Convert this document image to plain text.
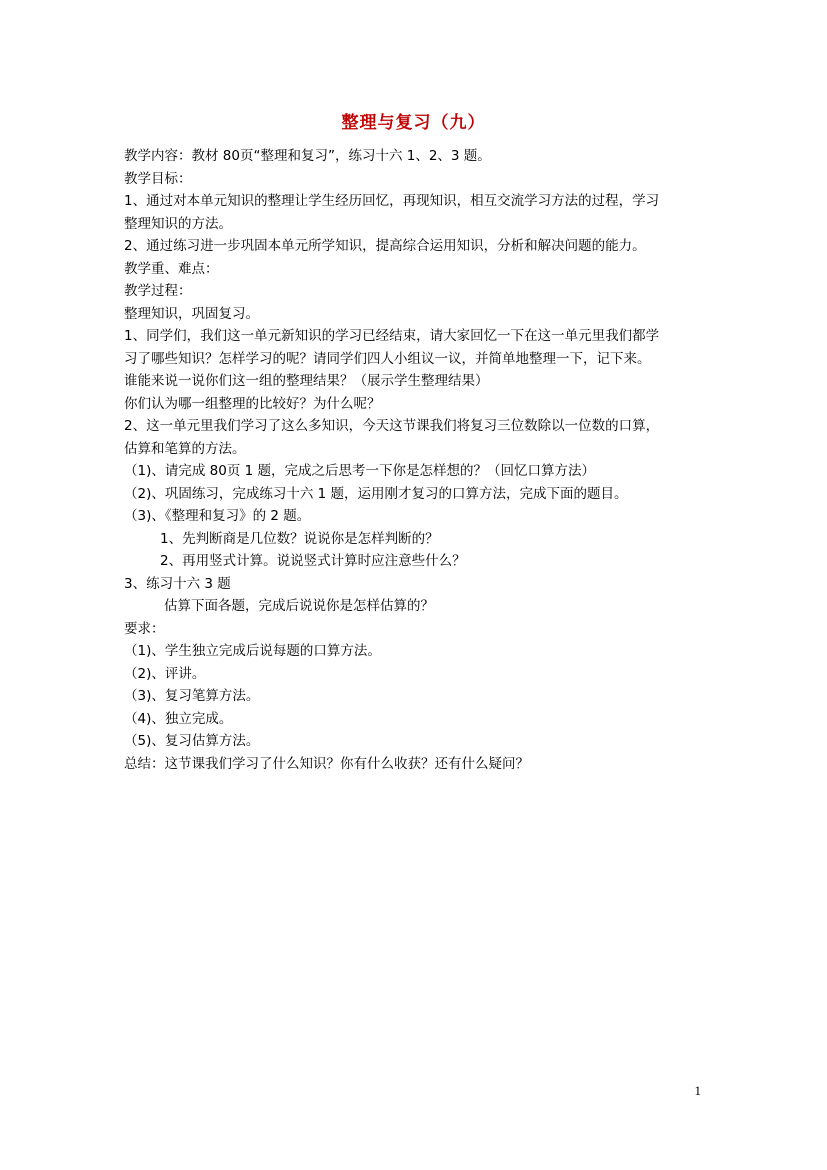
整理与复习（九）
教学内容：教材 80页“整理和复习”，练习十六 1、2、3 题。
教学目标：
1、通过对本单元知识的整理让学生经历回忆，再现知识，相互交流学习方法的过程，学习
整理知识的方法。
2、通过练习进一步巩固本单元所学知识，提高综合运用知识，分析和解决问题的能力。
教学重、难点：
教学过程：
整理知识，巩固复习。
1、同学们，我们这一单元新知识的学习已经结束，请大家回忆一下在这一单元里我们都学
习了哪些知识？怎样学习的呢？请同学们四人小组议一议，并简单地整理一下，记下来。
谁能来说一说你们这一组的整理结果？（展示学生整理结果）
你们认为哪一组整理的比较好？为什么呢？
2、这一单元里我们学习了这么多知识，今天这节课我们将复习三位数除以一位数的口算，
估算和笔算的方法。
（1)、请完成 80页 1 题，完成之后思考一下你是怎样想的？（回忆口算方法）
（2)、巩固练习，完成练习十六 1 题，运用刚才复习的口算方法，完成下面的题目。
（3)、《整理和复习》的 2 题。
1、先判断商是几位数？说说你是怎样判断的？
2、再用竖式计算。说说竖式计算时应注意些什么？
3、练习十六 3 题
估算下面各题，完成后说说你是怎样估算的？
要求：
（1)、学生独立完成后说每题的口算方法。
（2)、评讲。
（3)、复习笔算方法。
（4)、独立完成。
（5)、复习估算方法。
总结：这节课我们学习了什么知识？你有什么收获？还有什么疑问？
1
